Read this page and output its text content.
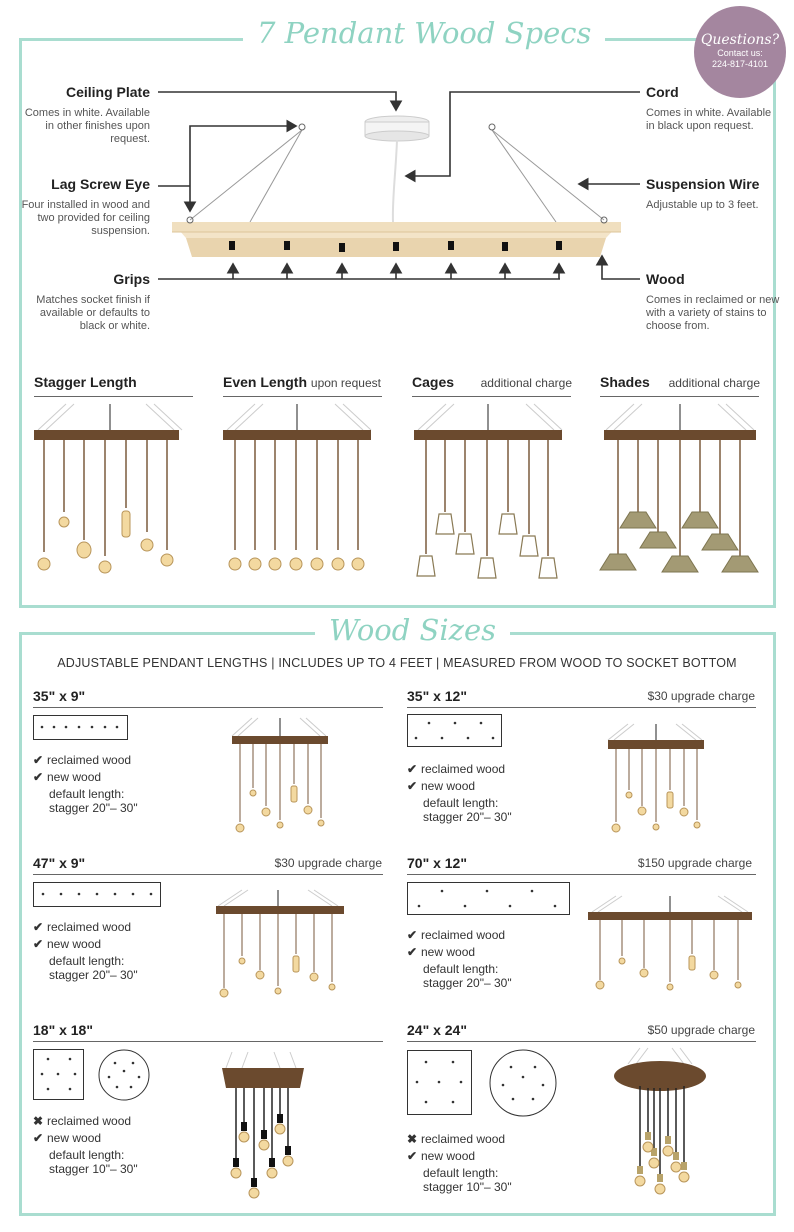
7 Pendant Wood Specs	Questions?
Contact us:
224-817-4101
Ceiling Plate
Comes in white. Available in other finishes upon request.
Lag Screw Eye
Four installed in wood and two provided for ceiling suspension.
Grips
Matches socket finish if available or defaults to black or white.
Cord
Comes in white. Available in black upon request.
Suspension Wire
Adjustable up to 3 feet.
Wood
Comes in reclaimed or new with a variety of stains to choose from.
Stagger Length	Even Length upon request Cages additional charge Shades additional charge
Wood Sizes
ADJUSTABLE PENDANT LENGTHS | INCLUDES UP TO 4 FEET | MEASURED FROM WOOD TO SOCKET BOTTOM
35" x 9"
✔ reclaimed wood
✔ new wood
default length:
stagger 20"– 30"
35" x 12"	$30 upgrade charge
✔ reclaimed wood
✔ new wood
default length:
stagger 20"– 30"
47" x 9"	$30 upgrade charge
✔ reclaimed wood
✔ new wood
default length:
stagger 20"– 30"
70" x 12"	$150 upgrade charge
✔ reclaimed wood
✔ new wood
default length:
stagger 20"– 30"
18" x 18"
✖ reclaimed wood
✔ new wood
default length:
stagger 10"– 30"
24" x 24"	$50 upgrade charge
✖ reclaimed wood
✔ new wood
default length:
stagger 10"– 30"
